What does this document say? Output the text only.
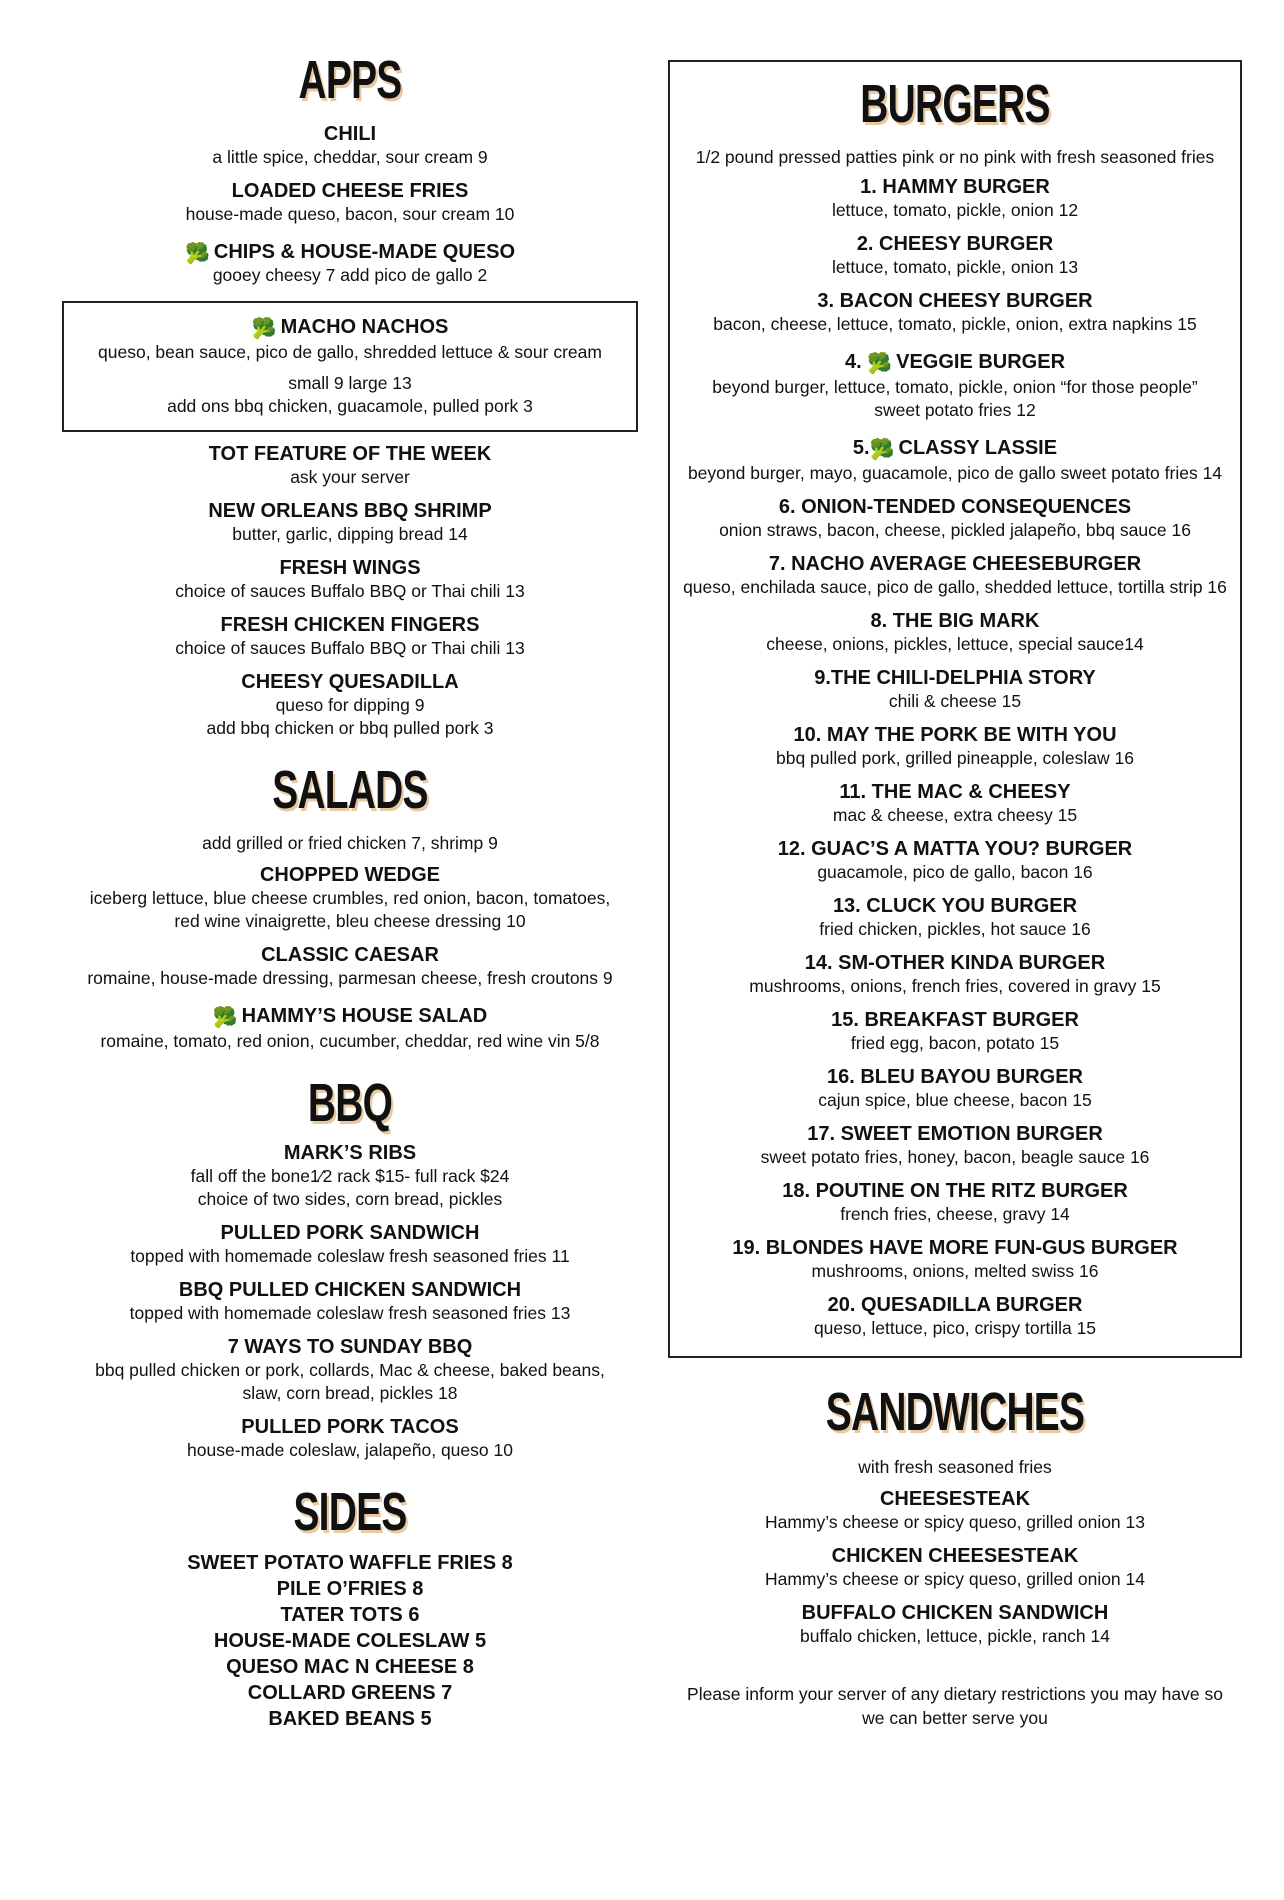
APPS
CHILI
a little spice, cheddar, sour cream 9
LOADED CHEESE FRIES
house-made queso, bacon, sour cream 10
🥦 CHIPS & HOUSE-MADE QUESO
gooey cheesy 7 add pico de gallo 2
🥦 MACHO NACHOS
queso, bean sauce, pico de gallo, shredded lettuce & sour cream
small 9 large 13
add ons bbq chicken, guacamole, pulled pork 3
TOT FEATURE OF THE WEEK
ask your server
NEW ORLEANS BBQ SHRIMP
butter, garlic, dipping bread 14
FRESH WINGS
choice of sauces Buffalo BBQ or Thai chili 13
FRESH CHICKEN FINGERS
choice of sauces Buffalo BBQ or Thai chili 13
CHEESY QUESADILLA
queso for dipping 9
add bbq chicken or bbq pulled pork 3
SALADS
add grilled or fried chicken 7, shrimp 9
CHOPPED WEDGE
iceberg lettuce, blue cheese crumbles, red onion, bacon, tomatoes,
red wine vinaigrette, bleu cheese dressing 10
CLASSIC CAESAR
romaine, house-made dressing, parmesan cheese, fresh croutons 9
🥦 HAMMY’S HOUSE SALAD
romaine, tomato, red onion, cucumber, cheddar, red wine vin 5/8
BBQ
MARK’S RIBS
fall off the bone1⁄2 rack $15- full rack $24
choice of two sides, corn bread, pickles
PULLED PORK SANDWICH
topped with homemade coleslaw fresh seasoned fries 11
BBQ PULLED CHICKEN SANDWICH
topped with homemade coleslaw fresh seasoned fries 13
7 WAYS TO SUNDAY BBQ
bbq pulled chicken or pork, collards, Mac & cheese, baked beans,
slaw, corn bread, pickles 18
PULLED PORK TACOS
house-made coleslaw, jalapeño, queso 10
SIDES
SWEET POTATO WAFFLE FRIES 8
PILE O’FRIES 8
TATER TOTS 6
HOUSE-MADE COLESLAW 5
QUESO MAC N CHEESE 8
COLLARD GREENS 7
BAKED BEANS 5
BURGERS
1/2 pound pressed patties pink or no pink with fresh seasoned fries
1. HAMMY BURGER
lettuce, tomato, pickle, onion 12
2. CHEESY BURGER
lettuce, tomato, pickle, onion 13
3. BACON CHEESY BURGER
bacon, cheese, lettuce, tomato, pickle, onion, extra napkins 15
4. 🥦 VEGGIE BURGER
beyond burger, lettuce, tomato, pickle, onion “for those people”
sweet potato fries 12
5.🥦 CLASSY LASSIE
beyond burger, mayo, guacamole, pico de gallo sweet potato fries 14
6. ONION-TENDED CONSEQUENCES
onion straws, bacon, cheese, pickled jalapeño, bbq sauce 16
7. NACHO AVERAGE CHEESEBURGER
queso, enchilada sauce, pico de gallo, shedded lettuce, tortilla strip 16
8. THE BIG MARK
cheese, onions, pickles, lettuce, special sauce14
9.THE CHILI-DELPHIA STORY
chili & cheese 15
10. MAY THE PORK BE WITH YOU
bbq pulled pork, grilled pineapple, coleslaw 16
11. THE MAC & CHEESY
mac & cheese, extra cheesy 15
12. GUAC’S A MATTA YOU? BURGER
guacamole, pico de gallo, bacon 16
13. CLUCK YOU BURGER
fried chicken, pickles, hot sauce 16
14. SM-OTHER KINDA BURGER
mushrooms, onions, french fries, covered in gravy 15
15. BREAKFAST BURGER
fried egg, bacon, potato 15
16. BLEU BAYOU BURGER
cajun spice, blue cheese, bacon 15
17. SWEET EMOTION BURGER
sweet potato fries, honey, bacon, beagle sauce 16
18. POUTINE ON THE RITZ BURGER
french fries, cheese, gravy 14
19. BLONDES HAVE MORE FUN-GUS BURGER
mushrooms, onions, melted swiss 16
20. QUESADILLA BURGER
queso, lettuce, pico, crispy tortilla 15
SANDWICHES
with fresh seasoned fries
CHEESESTEAK
Hammy’s cheese or spicy queso, grilled onion 13
CHICKEN CHEESESTEAK
Hammy’s cheese or spicy queso, grilled onion 14
BUFFALO CHICKEN SANDWICH
buffalo chicken, lettuce, pickle, ranch 14
Please inform your server of any dietary restrictions you may have so
we can better serve you
